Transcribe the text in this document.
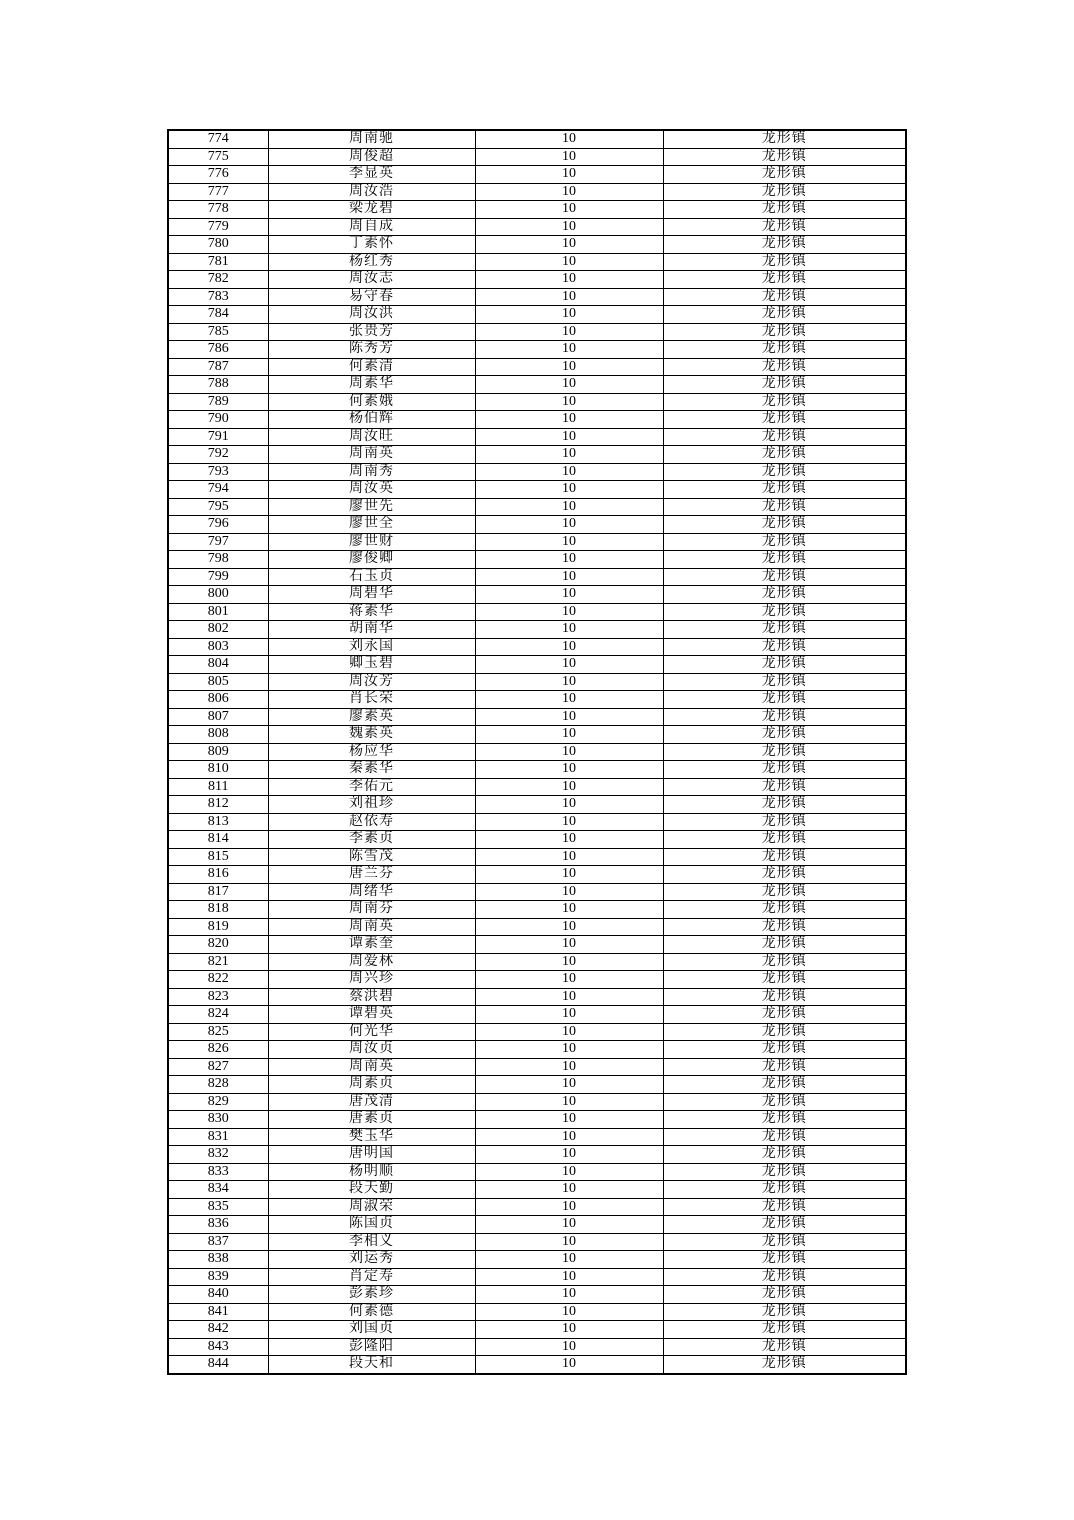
774	周南驰	10	龙形镇
775	周俊超	10	龙形镇
776	李显英	10	龙形镇
777	周汝浩	10	龙形镇
778	梁龙碧	10	龙形镇
779	周自成	10	龙形镇
780	丁素怀	10	龙形镇
781	杨红秀	10	龙形镇
782	周汝志	10	龙形镇
783	易守春	10	龙形镇
784	周汝洪	10	龙形镇
785	张贵芳	10	龙形镇
786	陈秀芳	10	龙形镇
787	何素清	10	龙形镇
788	周素华	10	龙形镇
789	何素娥	10	龙形镇
790	杨伯辉	10	龙形镇
791	周汝旺	10	龙形镇
792	周南英	10	龙形镇
793	周南秀	10	龙形镇
794	周汝英	10	龙形镇
795	廖世先	10	龙形镇
796	廖世全	10	龙形镇
797	廖世财	10	龙形镇
798	廖俊卿	10	龙形镇
799	石玉贞	10	龙形镇
800	周碧华	10	龙形镇
801	蒋素华	10	龙形镇
802	胡南华	10	龙形镇
803	刘永国	10	龙形镇
804	卿玉碧	10	龙形镇
805	周汝芳	10	龙形镇
806	肖长荣	10	龙形镇
807	廖素英	10	龙形镇
808	魏素英	10	龙形镇
809	杨应华	10	龙形镇
810	秦素华	10	龙形镇
811	李佑元	10	龙形镇
812	刘祖珍	10	龙形镇
813	赵依寿	10	龙形镇
814	李素贞	10	龙形镇
815	陈雪茂	10	龙形镇
816	唐兰芬	10	龙形镇
817	周绪华	10	龙形镇
818	周南芬	10	龙形镇
819	周南英	10	龙形镇
820	谭素奎	10	龙形镇
821	周爱林	10	龙形镇
822	周兴珍	10	龙形镇
823	蔡洪碧	10	龙形镇
824	谭碧英	10	龙形镇
825	何光华	10	龙形镇
826	周汝贞	10	龙形镇
827	周南英	10	龙形镇
828	周素贞	10	龙形镇
829	唐茂清	10	龙形镇
830	唐素贞	10	龙形镇
831	樊玉华	10	龙形镇
832	唐明国	10	龙形镇
833	杨明顺	10	龙形镇
834	段天勤	10	龙形镇
835	周淑荣	10	龙形镇
836	陈国贞	10	龙形镇
837	李相义	10	龙形镇
838	刘运秀	10	龙形镇
839	肖定寿	10	龙形镇
840	彭素珍	10	龙形镇
841	何素德	10	龙形镇
842	刘国贞	10	龙形镇
843	彭隆阳	10	龙形镇
844	段天和	10	龙形镇
